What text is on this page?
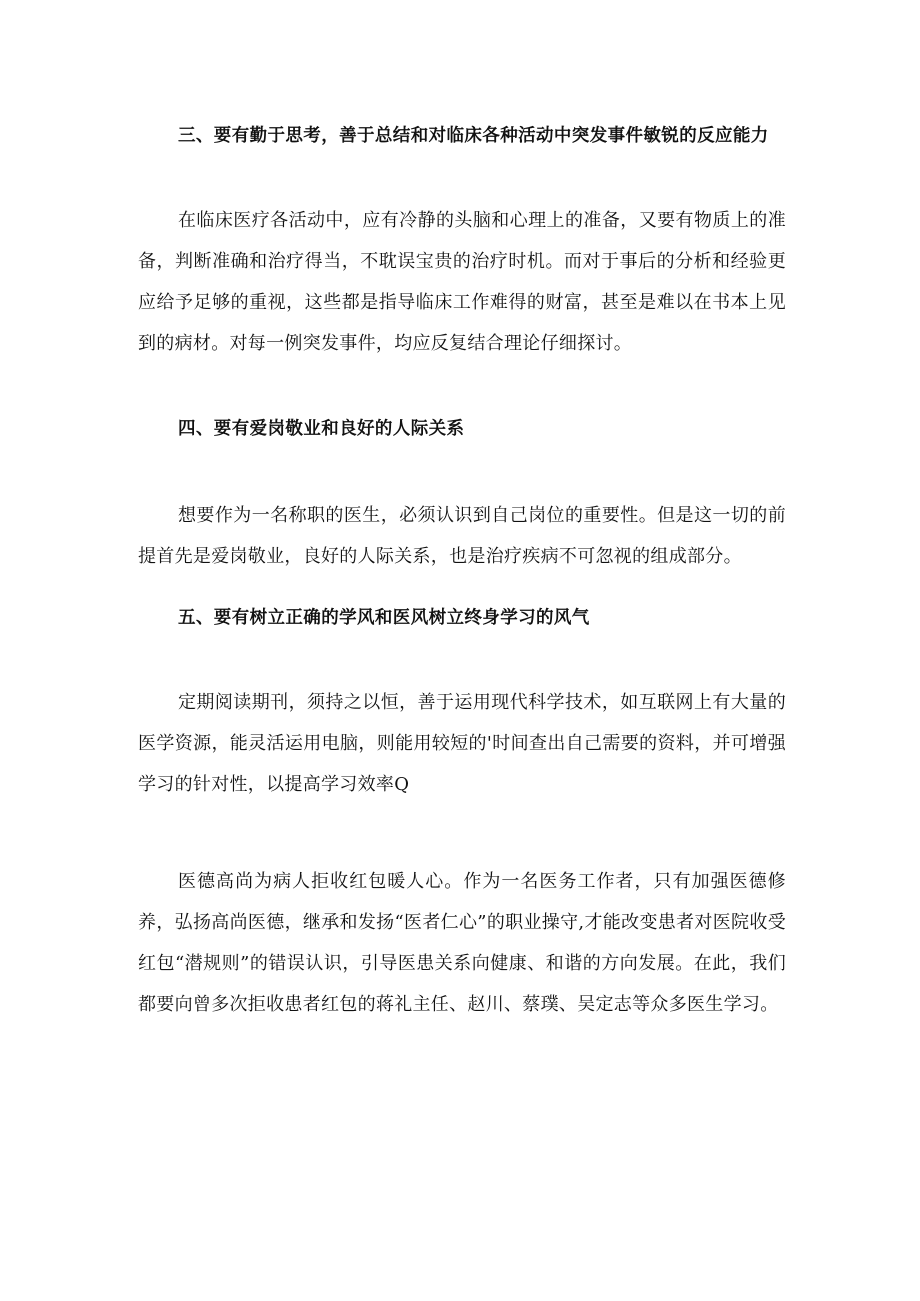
三、要有勤于思考，善于总结和对临床各种活动中突发事件敏锐的反应能力

在临床医疗各活动中，应有冷静的头脑和心理上的准备，又要有物质上的准备，判断准确和治疗得当，不耽误宝贵的治疗时机。而对于事后的分析和经验更应给予足够的重视，这些都是指导临床工作难得的财富，甚至是难以在书本上见到的病材。对每一例突发事件，均应反复结合理论仔细探讨。

四、要有爱岗敬业和良好的人际关系

想要作为一名称职的医生，必须认识到自己岗位的重要性。但是这一切的前提首先是爱岗敬业，良好的人际关系，也是治疗疾病不可忽视的组成部分。

五、要有树立正确的学风和医风树立终身学习的风气

定期阅读期刊，须持之以恒，善于运用现代科学技术，如互联网上有大量的医学资源，能灵活运用电脑，则能用较短的'时间查出自己需要的资料，并可增强学习的针对性，以提高学习效率Q

医德高尚为病人拒收红包暖人心。作为一名医务工作者，只有加强医德修养，弘扬高尚医德，继承和发扬“医者仁心”的职业操守,才能改变患者对医院收受红包“潜规则”的错误认识，引导医患关系向健康、和谐的方向发展。在此，我们都要向曾多次拒收患者红包的蒋礼主任、赵川、蔡璞、吴定志等众多医生学习。
